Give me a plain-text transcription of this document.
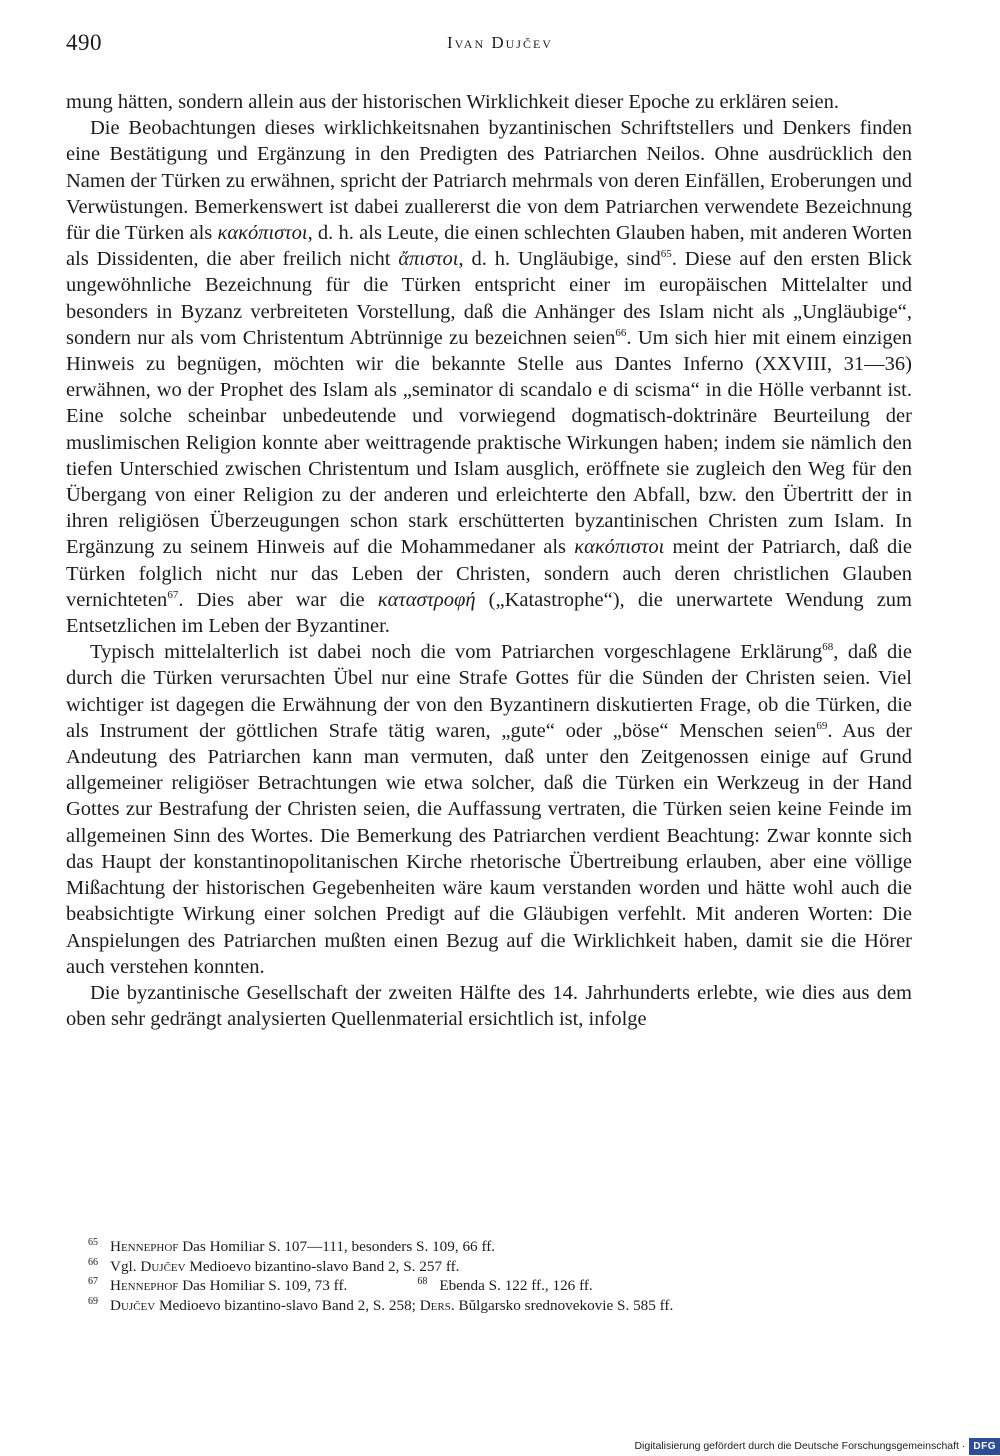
490	Ivan Dujčev

mung hätten, sondern allein aus der historischen Wirklichkeit dieser Epoche zu erklären seien.

Die Beobachtungen dieses wirklichkeitsnahen byzantinischen Schriftstellers und Denkers finden eine Bestätigung und Ergänzung in den Predigten des Patriarchen Neilos. Ohne ausdrücklich den Namen der Türken zu erwähnen, spricht der Patriarch mehrmals von deren Einfällen, Eroberungen und Verwüstungen. Bemerkenswert ist dabei zuallererst die von dem Patriarchen verwendete Bezeichnung für die Türken als κακόπιστοι, d. h. als Leute, die einen schlechten Glauben haben, mit anderen Worten als Dissidenten, die aber freilich nicht ἄπιστοι, d. h. Ungläubige, sind$^{65}$. Diese auf den ersten Blick ungewöhnliche Bezeichnung für die Türken entspricht einer im europäischen Mittelalter und besonders in Byzanz verbreiteten Vorstellung, daß die Anhänger des Islam nicht als „Ungläubige“, sondern nur als vom Christentum Abtrünnige zu bezeichnen seien$^{66}$. Um sich hier mit einem einzigen Hinweis zu begnügen, möchten wir die bekannte Stelle aus Dantes Inferno (XXVIII, 31—36) erwähnen, wo der Prophet des Islam als „seminator di scandalo e di scisma“ in die Hölle verbannt ist. Eine solche scheinbar unbedeutende und vorwiegend dogmatisch-doktrinäre Beurteilung der muslimischen Religion konnte aber weittragende praktische Wirkungen haben; indem sie nämlich den tiefen Unterschied zwischen Christentum und Islam ausglich, eröffnete sie zugleich den Weg für den Übergang von einer Religion zu der anderen und erleichterte den Abfall, bzw. den Übertritt der in ihren religiösen Überzeugungen schon stark erschütterten byzantinischen Christen zum Islam. In Ergänzung zu seinem Hinweis auf die Mohammedaner als κακόπιστοι meint der Patriarch, daß die Türken folglich nicht nur das Leben der Christen, sondern auch deren christlichen Glauben vernichteten$^{67}$. Dies aber war die καταστροφή („Katastrophe“), die unerwartete Wendung zum Entsetzlichen im Leben der Byzantiner.

Typisch mittelalterlich ist dabei noch die vom Patriarchen vorgeschlagene Erklärung$^{68}$, daß die durch die Türken verursachten Übel nur eine Strafe Gottes für die Sünden der Christen seien. Viel wichtiger ist dagegen die Erwähnung der von den Byzantinern diskutierten Frage, ob die Türken, die als Instrument der göttlichen Strafe tätig waren, „gute“ oder „böse“ Menschen seien$^{69}$. Aus der Andeutung des Patriarchen kann man vermuten, daß unter den Zeitgenossen einige auf Grund allgemeiner religiöser Betrachtungen wie etwa solcher, daß die Türken ein Werkzeug in der Hand Gottes zur Bestrafung der Christen seien, die Auffassung vertraten, die Türken seien keine Feinde im allgemeinen Sinn des Wortes. Die Bemerkung des Patriarchen verdient Beachtung: Zwar konnte sich das Haupt der konstantinopolitanischen Kirche rhetorische Übertreibung erlauben, aber eine völlige Mißachtung der historischen Gegebenheiten wäre kaum verstanden worden und hätte wohl auch die beabsichtigte Wirkung einer solchen Predigt auf die Gläubigen verfehlt. Mit anderen Worten: Die Anspielungen des Patriarchen mußten einen Bezug auf die Wirklichkeit haben, damit sie die Hörer auch verstehen konnten.

Die byzantinische Gesellschaft der zweiten Hälfte des 14. Jahrhunderts erlebte, wie dies aus dem oben sehr gedrängt analysierten Quellenmaterial ersichtlich ist, infolge

65 Hennephof Das Homiliar S. 107—111, besonders S. 109, 66 ff.
66 Vgl. Dujčev Medioevo bizantino-slavo Band 2, S. 257 ff.
67 Hennephof Das Homiliar S. 109, 73 ff.	68 Ebenda S. 122 ff., 126 ff.
69 Dujčev Medioevo bizantino-slavo Band 2, S. 258; Ders. Bŭlgarsko srednovekovie S. 585 ff.
Digitalisierung gefördert durch die Deutsche Forschungsgemeinschaft · DFG
